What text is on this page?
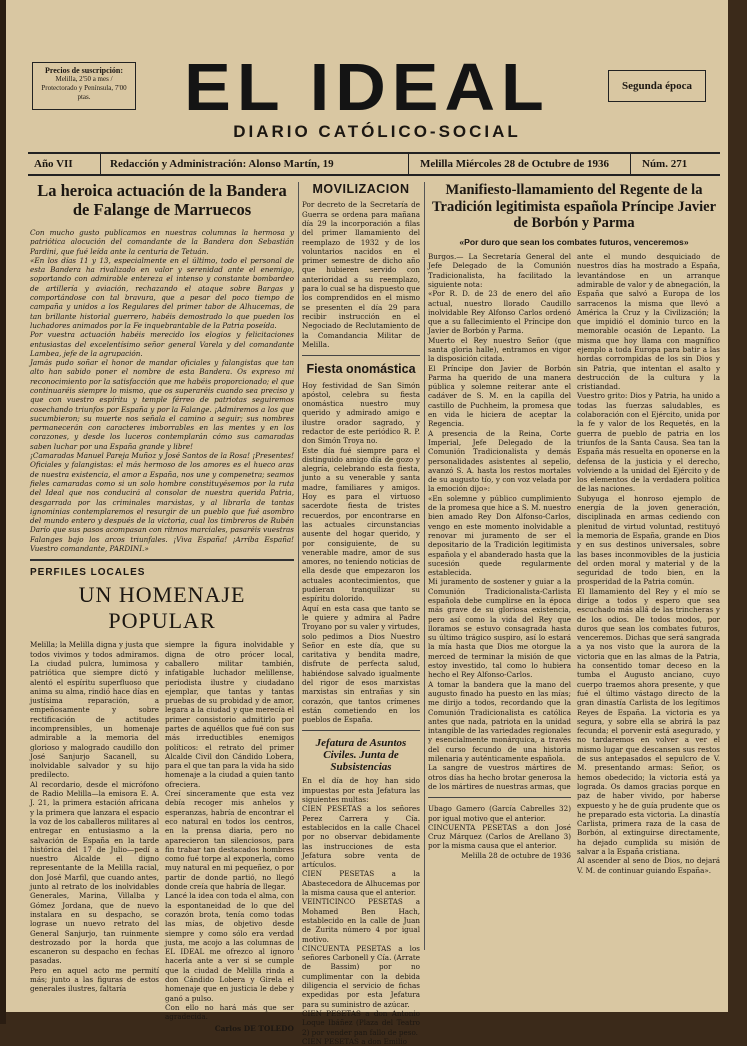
Precios de suscripción:
Melilla, 2'50 a mes / Protectorado y Península, 7'00 ptas.	EL IDEAL
DIARIO CATÓLICO-SOCIAL
Segunda época
Año VII	Redacción y Administración: Alonso Martín, 19	Melilla Miércoles 28 de Octubre de 1936	Núm. 271
La heroica actuación de la Bandera de Falange de Marruecos
Con mucho gusto publicamos en nuestras columnas la hermosa y patriótica alocución del comandante de la Bandera don Sebastián Pardini, que fué leída ante la centuria de Tetuán.
«En los días 11 y 13, especialmente en el último, todo el personal de esta Bandera ha rivalizado en valor y serenidad ante el enemigo, soportando con admirable entereza el intenso y constante bombardeo de artillería y aviación, rechazando el ataque sobre Bargas y comportándose con tal bravura, que a pesar del poco tiempo de campaña y unidos a los Regulares del primer tabor de Alhucemas, de tan brillante historial guerrero, habéis demostrado lo que pueden los luchadores animados por la Fe inquebrantable de la Patria poseída.
Por vuestra actuación habéis merecido los elogios y felicitaciones entusiastas del excelentísimo señor general Varela y del comandante Lambea, jefe de la agrupación.
Jamás pudo soñar el honor de mandar oficiales y falangistas que tan alto han sabido poner el nombre de esta Bandera. Os expreso mi reconocimiento por la satisfacción que me habéis proporcionado; el que continuaréis siempre lo mismo, que os superaréis cuando sea preciso y que con vuestro espíritu y temple férreo de patriotas seguiremos cosechando triunfos por España y por la Falange. ¡Admiremos a los que sucumbieron; su muerte nos señala el camino a seguir; sus nombres permanecerán con caracteres imborrables en las mentes y en los corazones, y desde los luceros contemplarán cómo sus camaradas saben luchar por una España grande y libre!
¡Camaradas Manuel Pareja Muñoz y José Santos de la Rosa! ¡Presentes! Oficiales y falangistas: el más hermoso de los amores es el hueco aras de nuestra existencia, el amor a España, nos une y compenetra; seamos fieles camaradas como si un solo hombre constituyésemos por la ruta del Ideal que nos conducirá al consolar de nuestra querida Patria, desgarrada por las criminales marxistas, y al librarla de tantas ignominias contemplaremos el resurgir de un pueblo que fué asombro del mundo entero y después de la victoria, cual los timbreros de Rubén Darío que sus pasos acompasan con ritmos marciales, pasaréis vuestras Falanges bajo los arcos triunfales. ¡Viva España! ¡Arriba España! Vuestro comandante, PARDINI.»
PERFILES LOCALES
UN HOMENAJE POPULAR
Melilla; la Melilla digna y justa que todos vivimos y todos admiramos. La ciudad pulcra, lumimosa y patriótica que siempre dictó y alentó el espíritu superfluoso que anima su alma, rindió hace días en justísima reparación, a empeñosamente y sobre rectificación de actitudes incomprensibles, un homenaje admirable a la memoria del glorioso y malogrado caudillo don José Sanjurjo Sacanell, su inolvidable salvador y su hijo predilecto.
Al recordario, desde el micrófono de Radio Melilla—la emisora E. A. J. 21, la primera estación africana y la primera que lanzara el espacio la voz de los caballeros militares al entregar en entusiasmo a la salvación de España en la tarde histórica del 17 de Julio—pedí a nuestro Alcalde el digno representante de la Melilla racial, don José Marfil, que cuando antes, junto al retrato de los inolvidables Generales, Marina, Villalba y Gómez Jordana, que de nuevo instalara en su despacho, se lograse un nuevo retrato del General Sanjurjo, tan ruinmente destrozado por la horda que escaneron su despacho en fechas pasadas.
Pero en aquel acto me permití más; junto a las figuras de estos generales ilustres, faltaría
siempre la figura inolvidable y digna de otro prócer local, caballero militar también, infatigable luchador melillense, periodista ilustre y ciudadano ejemplar, que tantas y tantas pruebas de su probidad y de amor, legara a la ciudad y que merecía el primer consistorio admitirlo por partes de aquéllos que fué con sus más irreductibles enemigos políticos: el retrato del primer Alcalde Civil don Cándido Lobera, para el que tan para la vida ha sido homenaje a la ciudad a quien tanto ofreciera.
Creí sinceramente que esta vez debía recoger mis anhelos y esperanzas, habría de encontrar el eco natural en todos los centros, en la prensa diaria, pero no aparecieron tan silenciosos, para fin trabar tan destacados hombres como fué torpe al exponerla, como muy natural en mi pequeñez, o por partir de donde partió, no llegó donde creía que habría de llegar.
Lancé la idea con toda el alma, con la espontaneidad de lo que del corazón brota, tenía como todas las mías, de objetivo desde siempre y como sólo era verdad justa, me acojo a las columnas de EL IDEAL me ofrezco al ignoro hacerla ante a ver si se cumple que la ciudad de Melilla rinda a don Cándido Lobera y Girela el homenaje que en justicia le debe y ganó a pulso.
Con ello no hará más que ser agradecida.
Carlos DE TOLEDO
MOVILIZACION
Por decreto de la Secretaría de Guerra se ordena para mañana día 29 la incorporación a filas del primer llamamiento del reemplazo de 1932 y de los voluntarios nacidos en el primer semestre de dicho año que hubieren servido con anterioridad a su reemplazo, para lo cual se ha dispuesto que los comprendidos en el mismo se presenten el día 29 para recibir instrucción en el Negociado de Reclutamiento de la Comandancia Militar de Melilla.
Fiesta onomástica
Hoy festividad de San Simón apóstol, celebra su fiesta onomástica nuestro muy querido y admirado amigo e ilustre orador sagrado, y redactor de este periódico R. P. don Simón Troya no.
Este día fué siempre para el distinguido amigo día de gozo y alegría, celebrando esta fiesta, junto a su venerable y santa madre, familiares y amigos. Hoy es para el virtuoso sacerdote fiesta de tristes recuerdos, por encontrarse en las actuales circunstancias ausente del hogar querido, y por consiguiente, de su venerable madre, amor de sus amores, no teniendo noticias de ella desde que empezaron los actuales acontecimientos, que pudieran tranquilizar su espíritu dolorido.
Aquí en esta casa que tanto se le quiere y admira al Padre Troyano por su valer y virtudes, solo pedimos a Dios Nuestro Señor en este día, que su caritativa y bendita madre, disfrute de perfecta salud, habiéndose salvado igualmente del rigor de esos marxistas marxistas sin entrañas y sin corazón, que tantos crímenes están cometiendo en los pueblos de España.
Jefatura de Asuntos Civiles. Junta de Subsistencias
En el día de hoy han sido impuestas por esta Jefatura las siguientes multas:
CIEN PESETAS a los señores Perez Carrera y Cía. establecidos en la calle Chacel por no observar debidamente las instrucciones de esta Jefatura sobre venta de artículos.
CIEN PESETAS a la Abastecedora de Alhucemas por la misma causa que el anterior.
VEINTICINCO PESETAS a Mohamed Ben Hach, establecido en la calle de Juan de Zurita número 4 por igual motivo.
CINCUENTA PESETAS a los señores Carbonell y Cía. (Arrate de Bassim) por no cumplimentar con la debida diligencia el servicio de fichas expedidas por esta Jefatura para su suministro de azúcar.
CIEN PESETAS a don Antonio Loque Ibáñez (Plaza del Teatro 2) por vender pan fallo de peso.
CIEN PESETAS a don Emilio
Manifiesto-llamamiento del Regente de la Tradición legitimista española Príncipe Javier de Borbón y Parma
«Por duro que sean los combates futuros, venceremos»
Burgos.— La Secretaría General del Jefe Delegado de la Comunión Tradicionalista, ha facilitado la siguiente nota:
«Por R. D. de 23 de enero del año actual, nuestro llorado Caudillo inolvidable Rey Alfonso Carlos ordenó que a su fallecimiento el Príncipe don Javier de Borbón y Parma.
Muerto el Rey nuestro Señor (que santa gloria halle), entramos en vigor la disposición citada.
El Príncipe don Javier de Borbón Parma ha querido de una manera pública y solemne reiterar ante el cadáver de S. M. en la capilla del castillo de Puchheim, la promesa que en vida le hiciera de aceptar la Regencia.
A presencia de la Reina, Corte Imperial, Jefe Delegado de la Comunión Tradicionalista y demás personalidades asistentes al sepelio, avanzó S. A. hasta los restos mortales de su augusto tío, y con voz velada por la emoción dijo»:
«En solemne y público cumplimiento de la promesa que hice a S. M. nuestro bien amado Rey Don Alfonso-Carlos, vengo en este momento inolvidable a renovar mi juramento de ser el depositario de la Tradición legitimista española y el abanderado hasta que la sucesión quede regularmente establecida.
Mi juramento de sostener y guiar a la Comunión Tradicionalista-Carlista española debe cumplirse en la época más grave de su gloriosa existencia, pero así como la vida del Rey que lloramos se estuvo consagrada hasta su último trágico suspiro, así lo estará la mía hasta que Dios me otorgue la merced de terminar la misión de que estoy investido, tal como lo hubiera hecho el Rey Alfonso-Carlos.
A tomar la bandera que la mano del augusto finado ha puesto en las mías; me dirijo a todos, recordando que la Comunión Tradicionalista es católica antes que nada, patriota en la unidad intangible de las variedades regionales y esencialmente monárquica, a través del curso fecundo de una historia milenaria y auténticamente española.
La sangre de vuestros mártires de otros días ha hecho brotar generosa la de los mártires de nuestras armas, que
Ubago Gamero (García Cabrelles 32) por igual motivo que el anterior.
CINCUENTA PESETAS a don José Cruz Márquez (Carlos de Arellano 3) por la misma causa que el anterior.
Melilla 28 de octubre de 1936
ante el mundo desquiciado de nuestros días ha mostrado a España, levantándose en un arranque admirable de valor y de abnegación, la España que salvó a Europa de los sarracenos la misma que llevó a América la Cruz y la Civilización; la que impidió el dominio turco en la memorable ocasión de Lepanto. La misma que hoy llama con magnífico ejemplo a toda Europa para batir a las hordas corrompidas de los sin Dios y sin Patria, que intentan el asalto y destrucción de la cultura y la cristiandad.
Vuestro grito: Dios y Patria, ha unido a todas las fuerzas saludables, es colaboración con el Ejército, unida por la fe y valor de los Requetés, en la guerra de pueblo de patria en los triunfos de la Santa Causa. Sea tan la España más resuelta en oponerse en la defensa de la justicia y el derecho, volviendo a la unidad del Ejército y de los elementos de la verdadera política de las naciones.
Subyuga el honroso ejemplo de energía de la joven generación, disciplinada en armas cediendo con plenitud de virtud voluntad, restituyó la memoria de España, grande en Dios y en sus destinos universales, sobre las bases inconmovibles de la justicia del orden moral y material y de la seguridad de todo bien, en la prosperidad de la Patria común.
El llamamiento del Rey y el mío se dirige a todos y espero que sea escuchado más allá de las trincheras y de los odios. De todos modos, por duros que sean los combates futuros, venceremos. Dichas que será sangrada a ya nos visto que la aurora de la victoria que en las almas de la Patria, ha consentido tomar deceso en la tumba el Augusto anciano, cuyo cuerpo traemos ahora presente, y que fué el último vástago directo de la gran dinastía Carlista de los legítimos Reyes de España. La victoria es ya segura, y sobre ella se abrirá la paz fecunda; el porvenir está asegurado, y no tardaremos en volver a ver el mismo lugar que descansen sus restos de sus antepasados el sepulcro de V. M. presentando armas: Señor, os hemos obedecido; la victoria está ya lograda. Os damos gracias porque en paz de haber vivido, por haberse expuesto y he de guía prudente que os he preparado esta victoria. La dinastía Carlista, primera raza de la casa de Borbón, al extinguirse directamente, ha dejado cumplida su misión de salvar a la España cristiana.
Al ascender al seno de Dios, no dejará V. M. de continuar guiando España».
